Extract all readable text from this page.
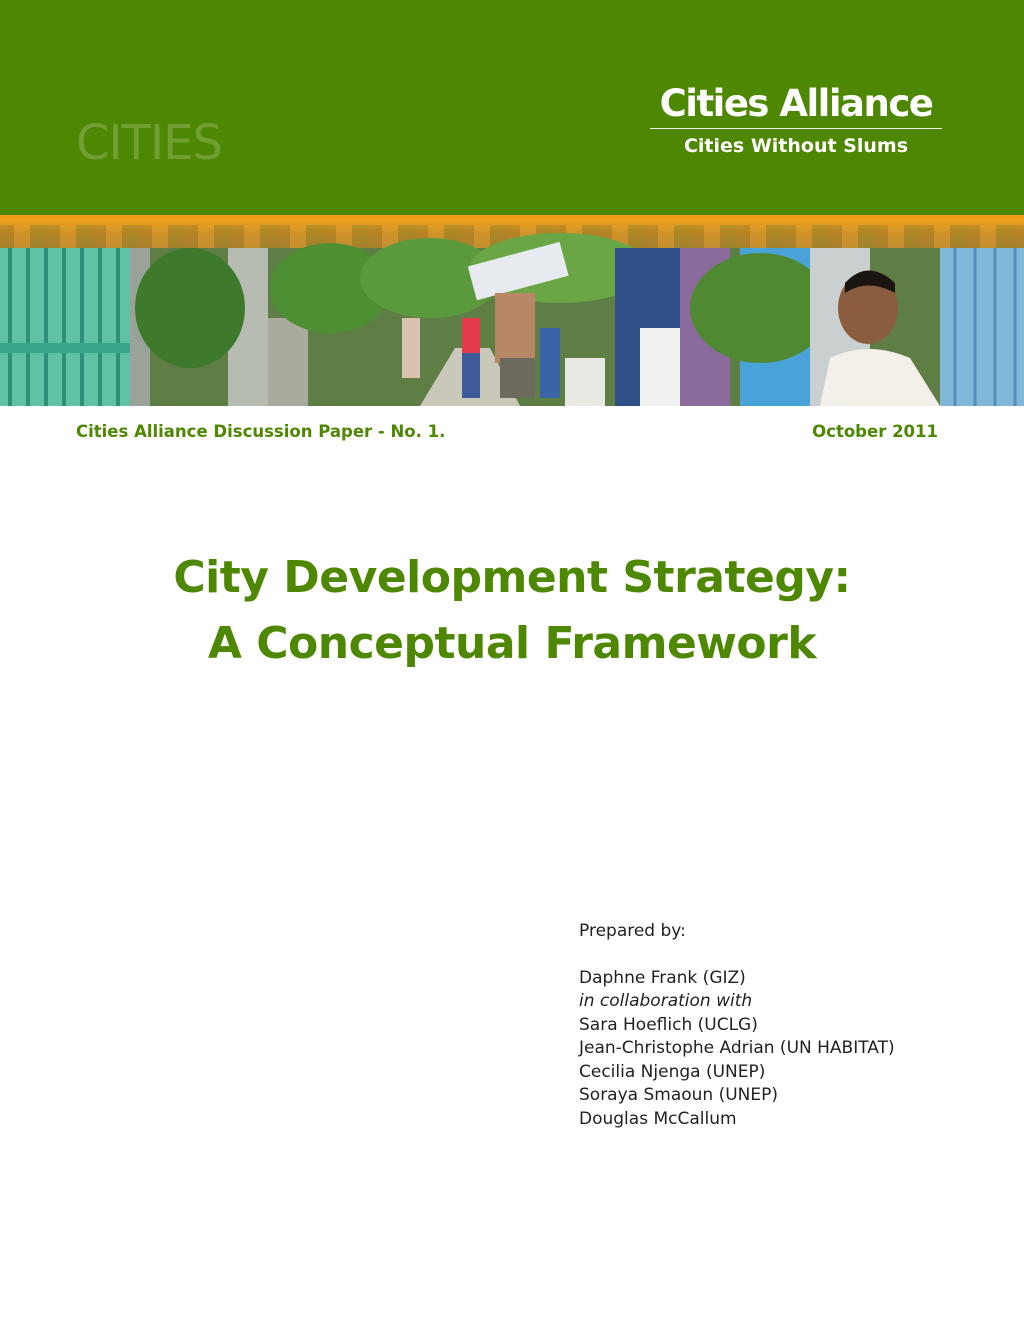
CITIES

Cities Alliance
Cities Without Slums
Cities Alliance Discussion Paper - No. 1.	October 2011
City Development Strategy:
A Conceptual Framework
Prepared by:
Daphne Frank (GIZ)
in collaboration with
Sara Hoeflich (UCLG)
Jean-Christophe Adrian (UN HABITAT)
Cecilia Njenga (UNEP)
Soraya Smaoun (UNEP)
Douglas McCallum
